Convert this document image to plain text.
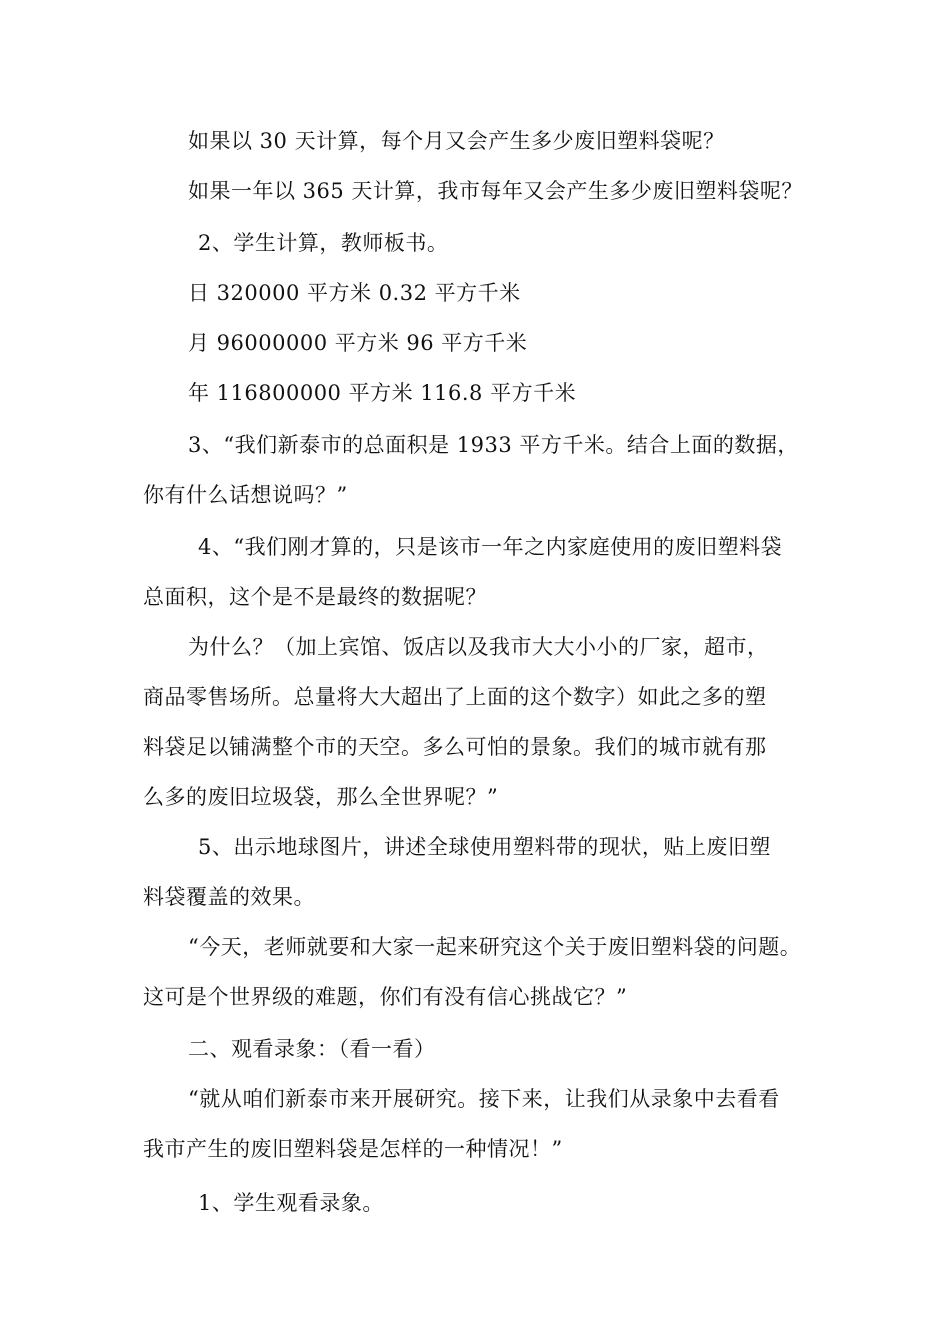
如果以 30 天计算，每个月又会产生多少废旧塑料袋呢？
如果一年以 365 天计算，我市每年又会产生多少废旧塑料袋呢？
2、学生计算，教师板书。
日 320000 平方米 0.32 平方千米
月 96000000 平方米 96 平方千米
年 116800000 平方米 116.8 平方千米
3、“我们新泰市的总面积是 1933 平方千米。结合上面的数据，
你有什么话想说吗？”
4、“我们刚才算的，只是该市一年之内家庭使用的废旧塑料袋
总面积，这个是不是最终的数据呢？
为什么？（加上宾馆、饭店以及我市大大小小的厂家，超市，
商品零售场所。总量将大大超出了上面的这个数字）如此之多的塑
料袋足以铺满整个市的天空。多么可怕的景象。我们的城市就有那
么多的废旧垃圾袋，那么全世界呢？”
5、出示地球图片，讲述全球使用塑料带的现状，贴上废旧塑
料袋覆盖的效果。
“今天，老师就要和大家一起来研究这个关于废旧塑料袋的问题。
这可是个世界级的难题，你们有没有信心挑战它？”
二、观看录象：（看一看）
“就从咱们新泰市来开展研究。接下来，让我们从录象中去看看
我市产生的废旧塑料袋是怎样的一种情况！”
1、学生观看录象。
